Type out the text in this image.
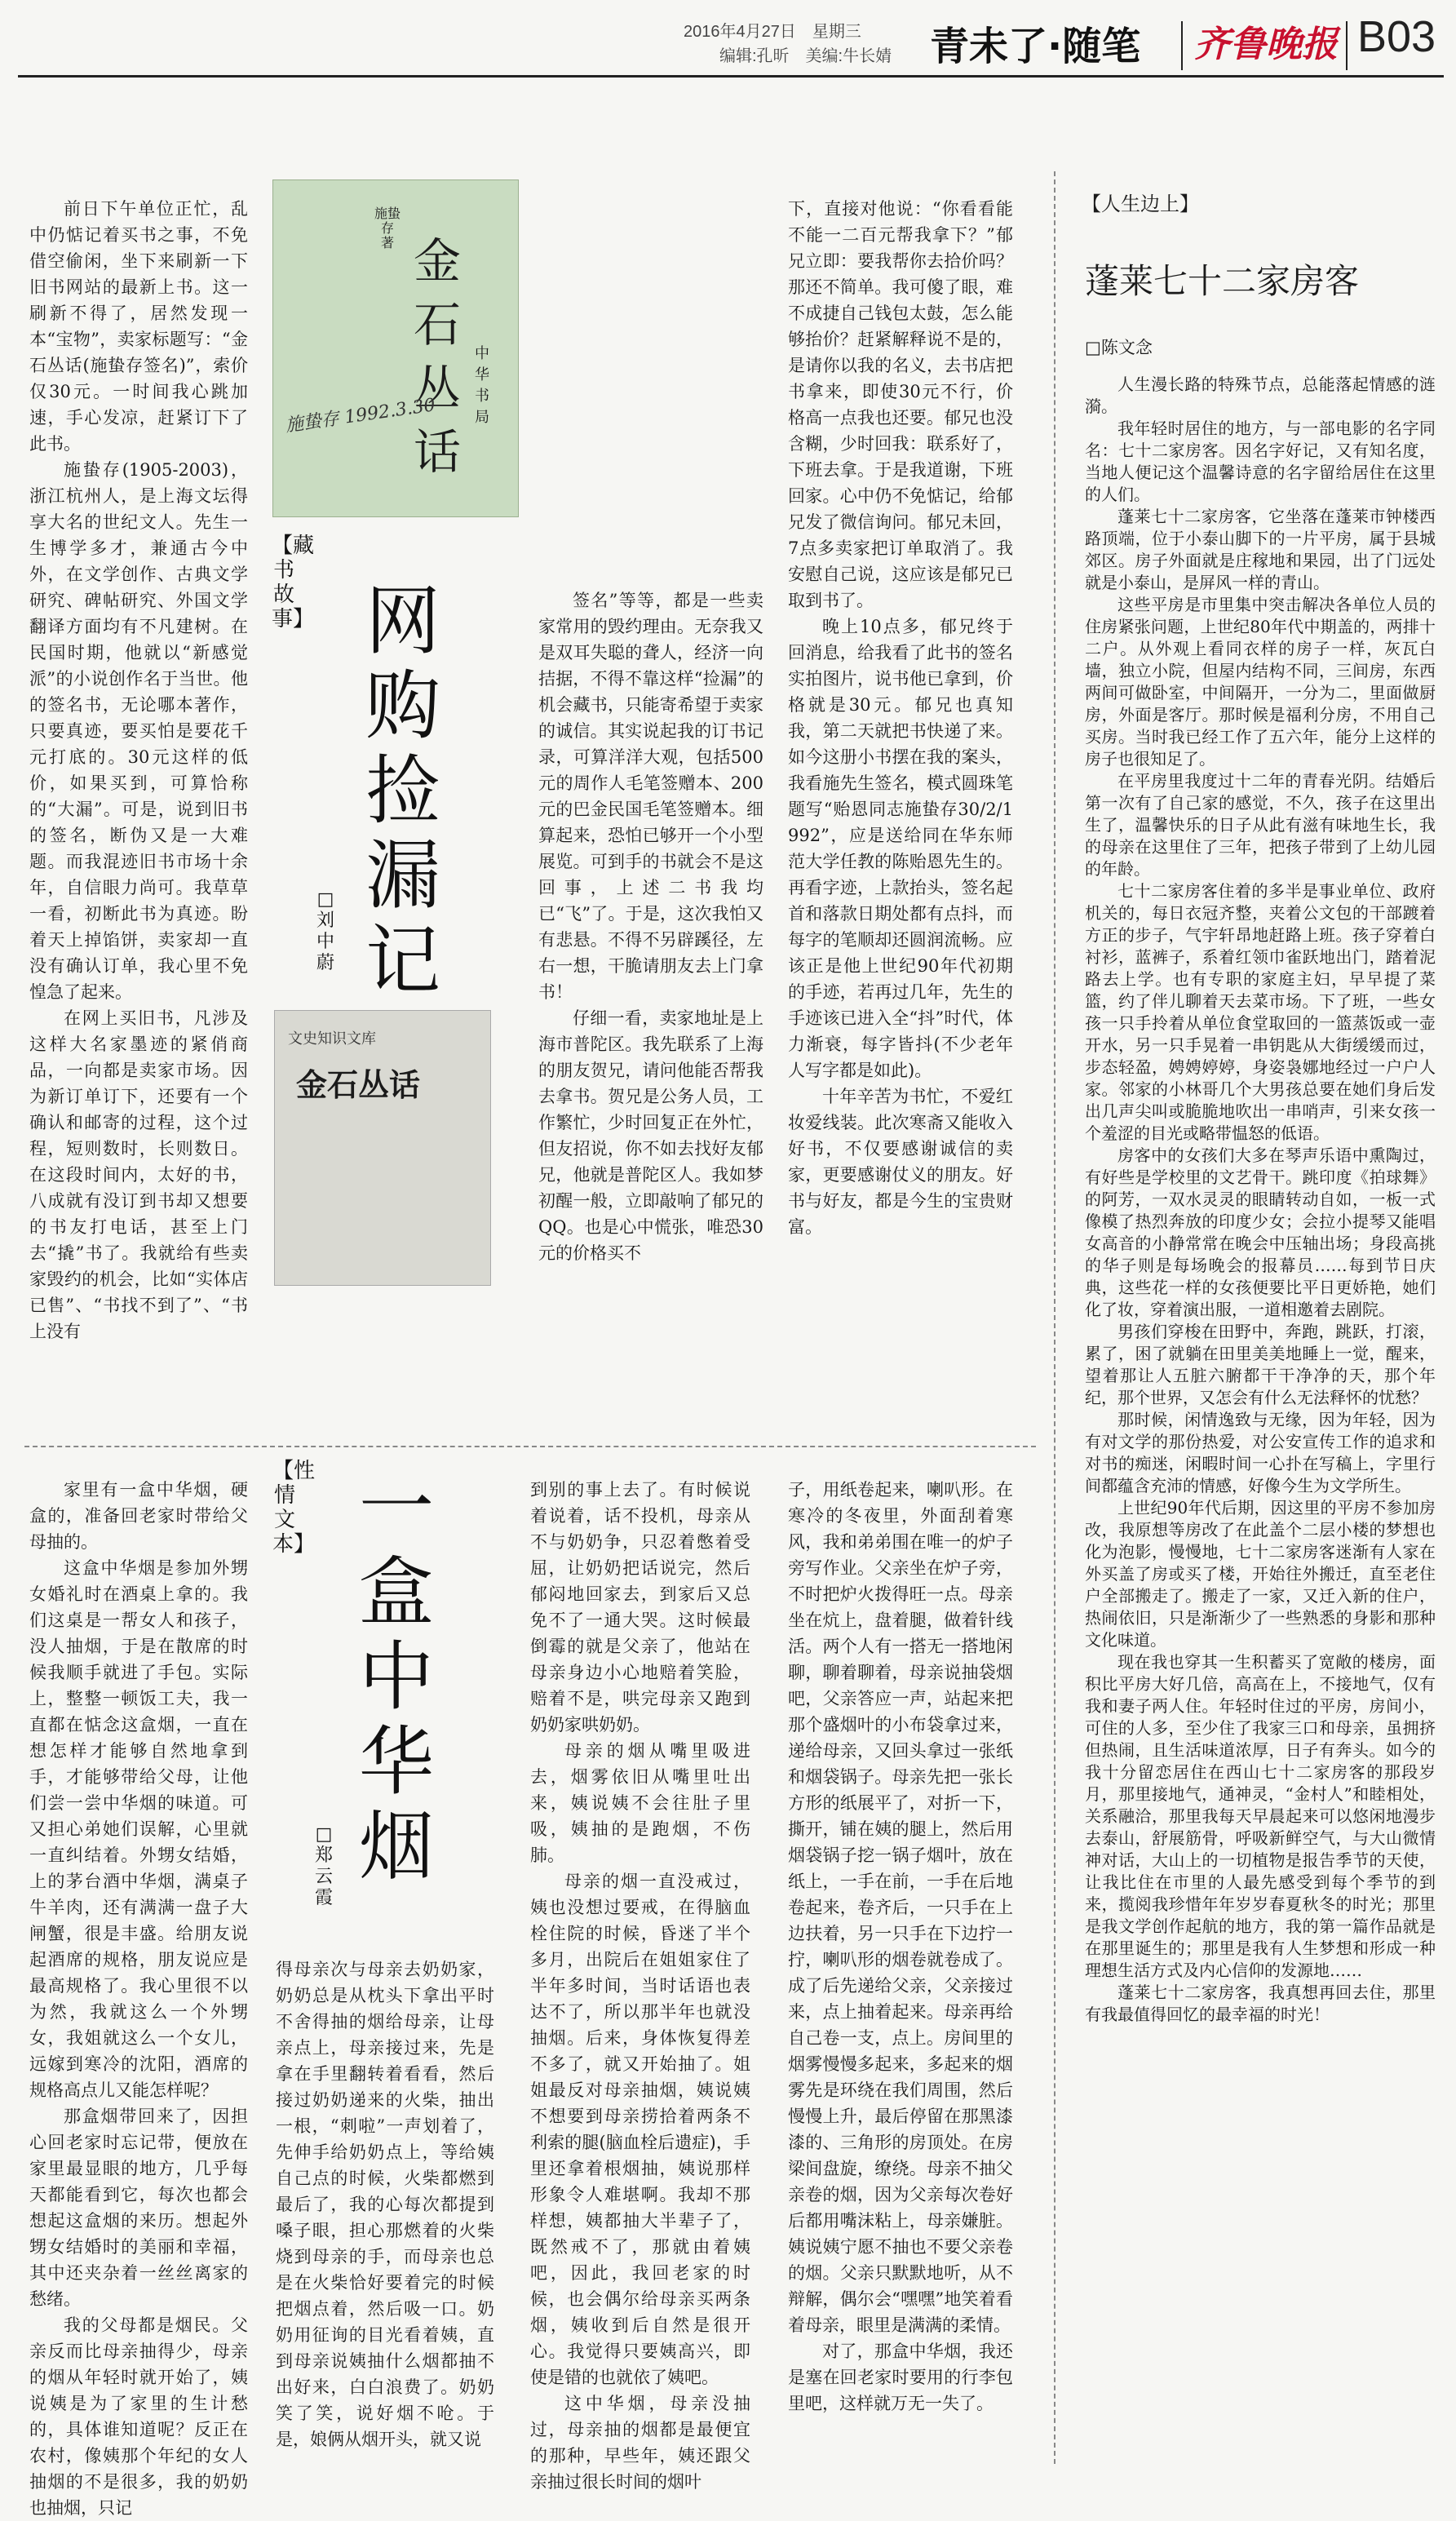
2016年4月27日　星期三
编辑:孔昕　美编:牛长婧 青未了·随笔 齐鲁晚报 B03

前日下午单位正忙，乱中仍惦记着买书之事，不免借空偷闲，坐下来刷新一下旧书网站的最新上书。这一刷新不得了，居然发现一本“宝物”，卖家标题写：“金石丛话(施蛰存签名)”，索价仅30元。一时间我心跳加速，手心发凉，赶紧订下了此书。

施蛰存(1905-2003)，浙江杭州人，是上海文坛得享大名的世纪文人。先生一生博学多才，兼通古今中外，在文学创作、古典文学研究、碑帖研究、外国文学翻译方面均有不凡建树。在民国时期，他就以“新感觉派”的小说创作名于当世。他的签名书，无论哪本著作，只要真迹，要买怕是要花千元打底的。30元这样的低价，如果买到，可算恰称的“大漏”。可是，说到旧书的签名，断伪又是一大难题。而我混迹旧书市场十余年，自信眼力尚可。我草草一看，初断此书为真迹。盼着天上掉馅饼，卖家却一直没有确认订单，我心里不免惶急了起来。

在网上买旧书，凡涉及这样大名家墨迹的紧俏商品，一向都是卖家市场。因为新订单订下，还要有一个确认和邮寄的过程，这个过程，短则数时，长则数日。在这段时间内，太好的书，八成就有没订到书却又想要的书友打电话，甚至上门去“撬”书了。我就给有些卖家毁约的机会，比如“实体店已售”、“书找不到了”、“书上没有

施蛰存 著 金石丛话
中华书局
施蛰存 1992.3.30
【藏书故事】 网购捡漏记
□刘中蔚
文史知识文库
金石丛话

签名”等等，都是一些卖家常用的毁约理由。无奈我又是双耳失聪的聋人，经济一向拮据，不得不靠这样“捡漏”的机会藏书，只能寄希望于卖家的诚信。其实说起我的订书记录，可算洋洋大观，包括500元的周作人毛笔签赠本、200元的巴金民国毛笔签赠本。细算起来，恐怕已够开一个小型展览。可到手的书就会不是这回事，上述二书我均已“飞”了。于是，这次我怕又有悲悬。不得不另辟蹊径，左右一想，干脆请朋友去上门拿书！

仔细一看，卖家地址是上海市普陀区。我先联系了上海的朋友贺兄，请问他能否帮我去拿书。贺兄是公务人员，工作繁忙，少时回复正在外忙，但友招说，你不如去找好友郁兄，他就是普陀区人。我如梦初醒一般，立即敲响了郁兄的QQ。也是心中慌张，唯恐30元的价格买不

下，直接对他说：“你看看能不能一二百元帮我拿下？”郁兄立即：要我帮你去拾价吗？那还不简单。我可傻了眼，难不成捷自己钱包太鼓，怎么能够抬价？赶紧解释说不是的，是请你以我的名义，去书店把书拿来，即使30元不行，价格高一点我也还要。郁兄也没含糊，少时回我：联系好了，下班去拿。于是我道谢，下班回家。心中仍不免惦记，给郁兄发了微信询问。郁兄未回，7点多卖家把订单取消了。我安慰自己说，这应该是郁兄已取到书了。

晚上10点多，郁兄终于回消息，给我看了此书的签名实拍图片，说书他已拿到，价格就是30元。郁兄也真知我，第二天就把书快递了来。如今这册小书摆在我的案头，我看施先生签名，模式圆珠笔题写“贻恩同志施蛰存30/2/1992”，应是送给同在华东师范大学任教的陈贻恩先生的。再看字迹，上款抬头，签名起首和落款日期处都有点抖，而每字的笔顺却还圆润流畅。应该正是他上世纪90年代初期的手迹，若再过几年，先生的手迹该已进入全“抖”时代，体力渐衰，每字皆抖(不少老年人写字都是如此)。

十年辛苦为书忙，不爱红妆爱线装。此次寒斋又能收入好书，不仅要感谢诚信的卖家，更要感谢仗义的朋友。好书与好友，都是今生的宝贵财富。

家里有一盒中华烟，硬盒的，准备回老家时带给父母抽的。

这盒中华烟是参加外甥女婚礼时在酒桌上拿的。我们这桌是一帮女人和孩子，没人抽烟，于是在散席的时候我顺手就进了手包。实际上，整整一顿饭工夫，我一直都在惦念这盒烟，一直在想怎样才能够自然地拿到手，才能够带给父母，让他们尝一尝中华烟的味道。可又担心弟她们误解，心里就一直纠结着。外甥女结婚，上的茅台酒中华烟，满桌子牛羊肉，还有满满一盘子大闸蟹，很是丰盛。给朋友说起酒席的规格，朋友说应是最高规格了。我心里很不以为然，我就这么一个外甥女，我姐就这么一个女儿，远嫁到寒冷的沈阳，酒席的规格高点儿又能怎样呢？

那盒烟带回来了，因担心回老家时忘记带，便放在家里最显眼的地方，几乎每天都能看到它，每次也都会想起这盒烟的来历。想起外甥女结婚时的美丽和幸福，其中还夹杂着一丝丝离家的愁绪。

我的父母都是烟民。父亲反而比母亲抽得少，母亲的烟从年轻时就开始了，姨说姨是为了家里的生计愁的，具体谁知道呢？反正在农村，像姨那个年纪的女人抽烟的不是很多，我的奶奶也抽烟，只记

【性情文本】 一盒中华烟
□郑云霞

得母亲次与母亲去奶奶家，奶奶总是从枕头下拿出平时不舍得抽的烟给母亲，让母亲点上，母亲接过来，先是拿在手里翻转着看看，然后接过奶奶递来的火柴，抽出一根，“刺啦”一声划着了，先伸手给奶奶点上，等给姨自己点的时候，火柴都燃到最后了，我的心每次都提到嗓子眼，担心那燃着的火柴烧到母亲的手，而母亲也总是在火柴恰好要着完的时候把烟点着，然后吸一口。奶奶用征询的目光看着姨，直到母亲说姨抽什么烟都抽不出好来，白白浪费了。奶奶笑了笑，说好烟不呛。于是，娘俩从烟开头，就又说

到别的事上去了。有时候说着说着，话不投机，母亲从不与奶奶争，只忍着憋着受屈，让奶奶把话说完，然后郁闷地回家去，到家后又总免不了一通大哭。这时候最倒霉的就是父亲了，他站在母亲身边小心地赔着笑脸，赔着不是，哄完母亲又跑到奶奶家哄奶奶。

母亲的烟从嘴里吸进去，烟雾依旧从嘴里吐出来，姨说姨不会往肚子里吸，姨抽的是跑烟，不伤肺。

母亲的烟一直没戒过，姨也没想过要戒，在得脑血栓住院的时候，昏迷了半个多月，出院后在姐姐家住了半年多时间，当时话语也表达不了，所以那半年也就没抽烟。后来，身体恢复得差不多了，就又开始抽了。姐姐最反对母亲抽烟，姨说姨不想要到母亲捞拾着两条不利索的腿(脑血栓后遗症)，手里还拿着根烟抽，姨说那样形象令人难堪啊。我却不那样想，姨都抽大半辈子了，既然戒不了，那就由着姨吧，因此，我回老家的时候，也会偶尔给母亲买两条烟，姨收到后自然是很开心。我觉得只要姨高兴，即使是错的也就依了姨吧。

这中华烟，母亲没抽过，母亲抽的烟都是最便宜的那种，早些年，姨还跟父亲抽过很长时间的烟叶

子，用纸卷起来，喇叭形。在寒冷的冬夜里，外面刮着寒风，我和弟弟围在唯一的炉子旁写作业。父亲坐在炉子旁，不时把炉火拨得旺一点。母亲坐在炕上，盘着腿，做着针线活。两个人有一搭无一搭地闲聊，聊着聊着，母亲说抽袋烟吧，父亲答应一声，站起来把那个盛烟叶的小布袋拿过来，递给母亲，又回头拿过一张纸和烟袋锅子。母亲先把一张长方形的纸展平了，对折一下，撕开，铺在姨的腿上，然后用烟袋锅子挖一锅子烟叶，放在纸上，一手在前，一手在后地卷起来，卷齐后，一只手在上边扶着，另一只手在下边拧一拧，喇叭形的烟卷就卷成了。成了后先递给父亲，父亲接过来，点上抽着起来。母亲再给自己卷一支，点上。房间里的烟雾慢慢多起来，多起来的烟雾先是环绕在我们周围，然后慢慢上升，最后停留在那黑漆漆的、三角形的房顶处。在房梁间盘旋，缭绕。母亲不抽父亲卷的烟，因为父亲每次卷好后都用嘴沫粘上，母亲嫌脏。姨说姨宁愿不抽也不要父亲卷的烟。父亲只默默地听，从不辩解，偶尔会“嘿嘿”地笑着看着母亲，眼里是满满的柔情。

对了，那盒中华烟，我还是塞在回老家时要用的行李包里吧，这样就万无一失了。

【人生边上】
蓬莱七十二家房客
□陈文念

人生漫长路的特殊节点，总能落起情感的涟漪。

我年轻时居住的地方，与一部电影的名字同名：七十二家房客。因名字好记，又有知名度，当地人便记这个温馨诗意的名字留给居住在这里的人们。

蓬莱七十二家房客，它坐落在蓬莱市钟楼西路顶端，位于小泰山脚下的一片平房，属于县城郊区。房子外面就是庄稼地和果园，出了门远处就是小泰山，是屏风一样的青山。

这些平房是市里集中突击解决各单位人员的住房紧张问题，上世纪80年代中期盖的，两排十二户。从外观上看同衣样的房子一样，灰瓦白墙，独立小院，但屋内结构不同，三间房，东西两间可做卧室，中间隔开，一分为二，里面做厨房，外面是客厅。那时候是福利分房，不用自己买房。当时我已经工作了五六年，能分上这样的房子也很知足了。

在平房里我度过十二年的青春光阴。结婚后第一次有了自己家的感觉，不久，孩子在这里出生了，温馨快乐的日子从此有滋有味地生长，我的母亲在这里住了三年，把孩子带到了上幼儿园的年龄。

七十二家房客住着的多半是事业单位、政府机关的，每日衣冠齐整，夹着公文包的干部踱着方正的步子，气宇轩昂地赶路上班。孩子穿着白衬衫，蓝裤子，系着红领巾雀跃地出门，踏着泥路去上学。也有专职的家庭主妇，早早提了菜篮，约了伴儿聊着天去菜市场。下了班，一些女孩一只手拎着从单位食堂取回的一篮蒸饭或一壶开水，另一只手晃着一串钥匙从大街缓缓而过，步态轻盈，娉娉婷婷，身姿袅娜地经过一户户人家。邻家的小林哥几个大男孩总要在她们身后发出几声尖叫或脆脆地吹出一串哨声，引来女孩一个羞涩的目光或略带愠怒的低语。

房客中的女孩们大多在琴声乐语中熏陶过，有好些是学校里的文艺骨干。跳印度《拍球舞》的阿芳，一双水灵灵的眼睛转动自如，一板一式像模了热烈奔放的印度少女；会拉小提琴又能唱女高音的小静常常在晚会中压轴出场；身段高挑的华子则是每场晚会的报幕员……每到节日庆典，这些花一样的女孩便要比平日更娇艳，她们化了妆，穿着演出服，一道相邀着去剧院。

男孩们穿梭在田野中，奔跑，跳跃，打滚，累了，困了就躺在田里美美地睡上一觉，醒来，望着那让人五脏六腑都干干净净的天，那个年纪，那个世界，又怎会有什么无法释怀的忧愁？

那时候，闲情逸致与无缘，因为年轻，因为有对文学的那份热爱，对公安宣传工作的追求和对书的痴迷，闲暇时间一心扑在写稿上，字里行间都蕴含充沛的情感，好像今生为文学所生。

上世纪90年代后期，因这里的平房不参加房改，我原想等房改了在此盖个二层小楼的梦想也化为泡影，慢慢地，七十二家房客迷渐有人家在外买盖了房或买了楼，开始往外搬迁，直至老住户全部搬走了。搬走了一家，又迁入新的住户，热闹依旧，只是渐渐少了一些熟悉的身影和那种文化味道。

现在我也穿其一生积蓄买了宽敞的楼房，面积比平房大好几倍，高高在上，不接地气，仅有我和妻子两人住。年轻时住过的平房，房间小，可住的人多，至少住了我家三口和母亲，虽拥挤但热闹，且生活味道浓厚，日子有奔头。如今的我十分留恋居住在西山七十二家房客的那段岁月，那里接地气，通神灵，“金村人”和睦相处，关系融洽，那里我每天早晨起来可以悠闲地漫步去泰山，舒展筋骨，呼吸新鲜空气，与大山微情神对话，大山上的一切植物是报告季节的天使，让我比住在市里的人最先感受到每个季节的到来，揽阅我珍惜年年岁岁春夏秋冬的时光；那里是我文学创作起航的地方，我的第一篇作品就是在那里诞生的；那里是我有人生梦想和形成一种理想生活方式及内心信仰的发源地……

蓬莱七十二家房客，我真想再回去住，那里有我最值得回忆的最幸福的时光！
